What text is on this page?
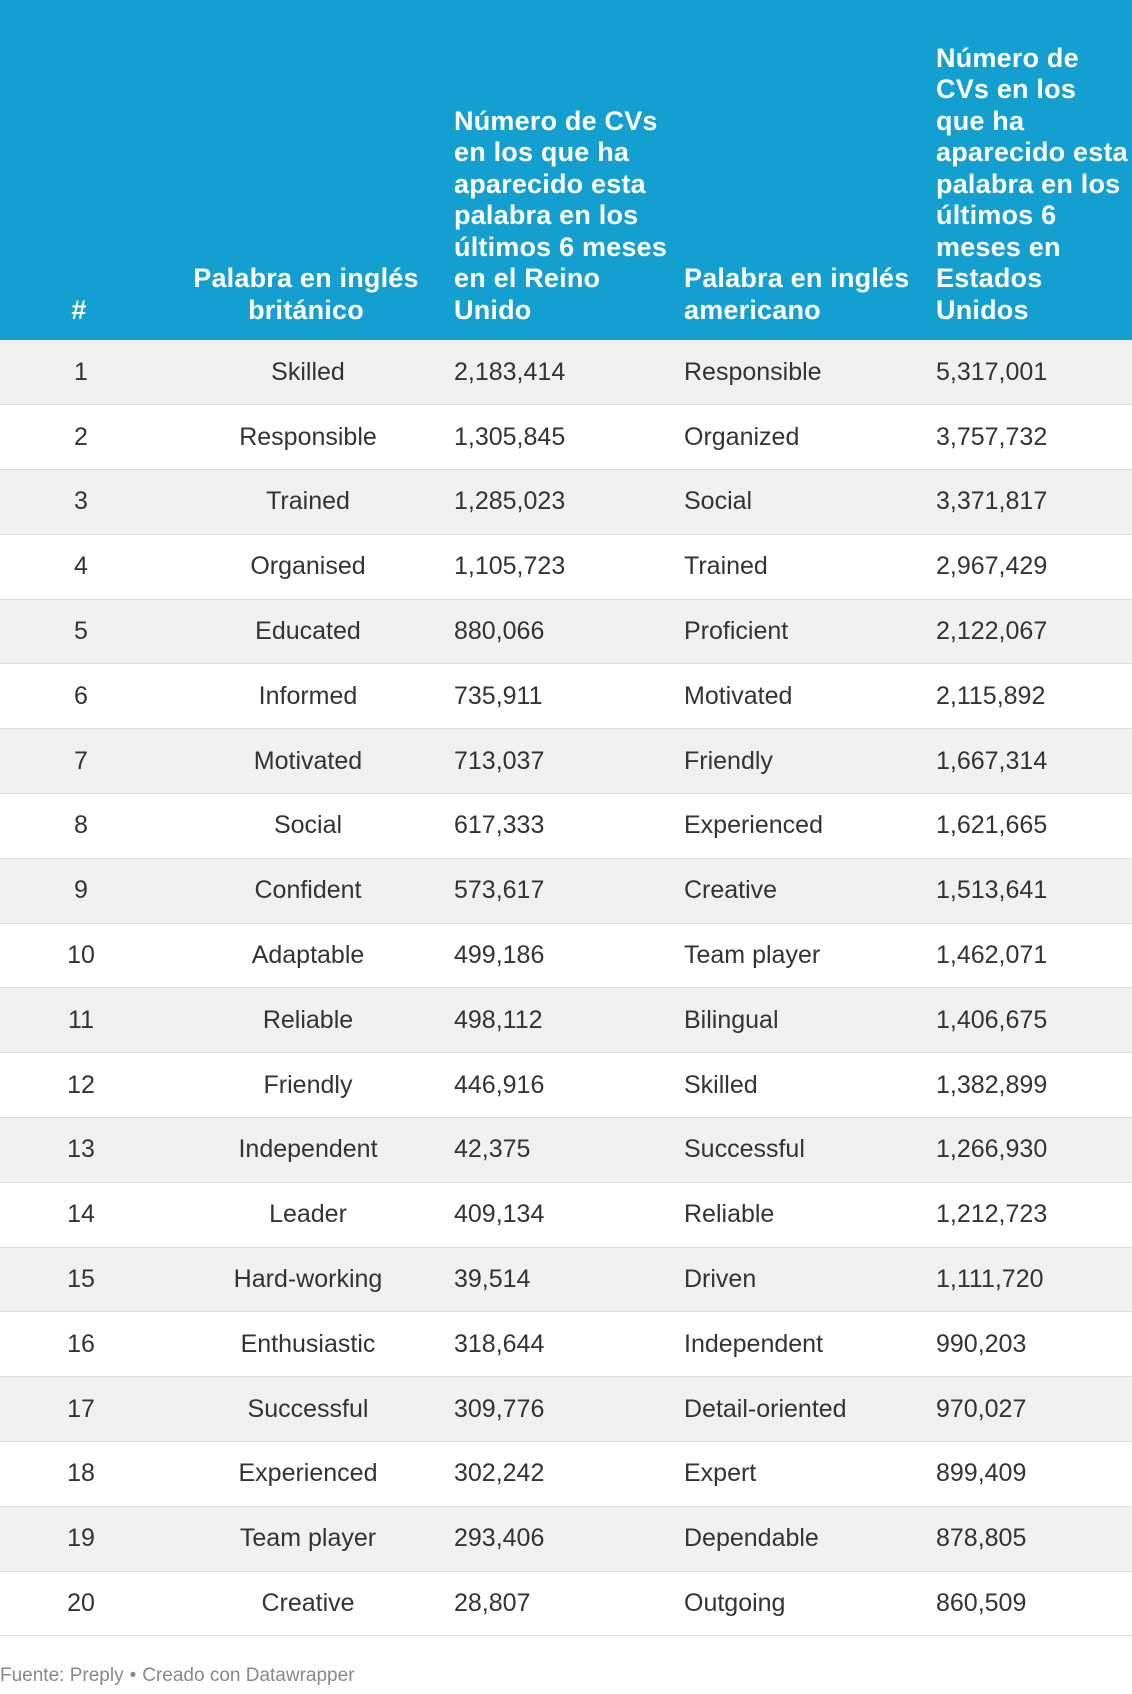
#	Palabra en inglés británico	Número de CVs en los que ha aparecido esta palabra en los últimos 6 meses en el Reino Unido	Palabra en inglés americano	Número de CVs en los que ha aparecido esta palabra en los últimos 6 meses en Estados Unidos
1	Skilled	2,183,414	Responsible	5,317,001
2	Responsible	1,305,845	Organized	3,757,732
3	Trained	1,285,023	Social	3,371,817
4	Organised	1,105,723	Trained	2,967,429
5	Educated	880,066	Proficient	2,122,067
6	Informed	735,911	Motivated	2,115,892
7	Motivated	713,037	Friendly	1,667,314
8	Social	617,333	Experienced	1,621,665
9	Confident	573,617	Creative	1,513,641
10	Adaptable	499,186	Team player	1,462,071
11	Reliable	498,112	Bilingual	1,406,675
12	Friendly	446,916	Skilled	1,382,899
13	Independent	42,375	Successful	1,266,930
14	Leader	409,134	Reliable	1,212,723
15	Hard-working	39,514	Driven	1,111,720
16	Enthusiastic	318,644	Independent	990,203
17	Successful	309,776	Detail-oriented	970,027
18	Experienced	302,242	Expert	899,409
19	Team player	293,406	Dependable	878,805
20	Creative	28,807	Outgoing	860,509
Fuente: Preply • Creado con Datawrapper
